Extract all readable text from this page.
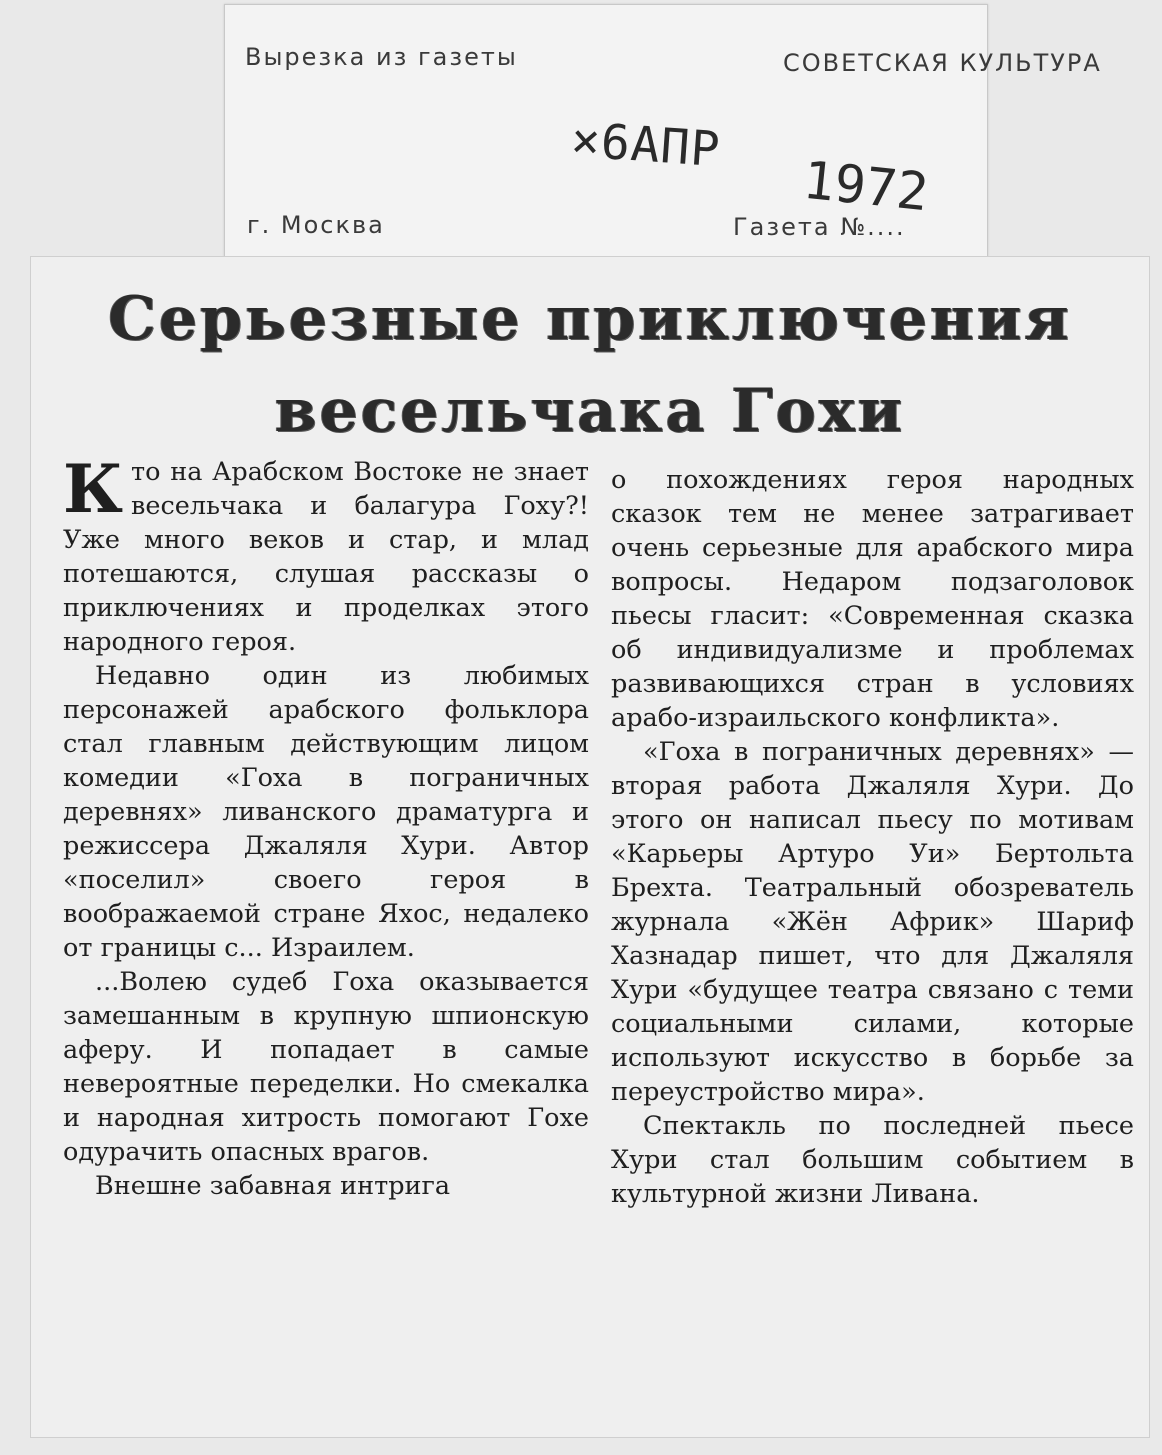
Вырезка из газеты	СОВЕТСКАЯ КУЛЬТУРА
г. Москва	Газета №....
×6АПР
1972
Серьезные приключения
весельчака Гохи

Кто на Арабском Востоке не знает весельчака и балагура Гоху?! Уже много веков и стар, и млад потешаются, слушая рассказы о приключениях и проделках этого народного героя.

Недавно один из любимых персонажей арабского фольклора стал главным действующим лицом комедии «Гоха в пограничных деревнях» ливанского драматурга и режиссера Джаляля Хури. Автор «поселил» своего героя в воображаемой стране Яхос, недалеко от границы с... Израилем.

...Волею судеб Гоха оказывается замешанным в крупную шпионскую аферу. И попадает в самые невероятные переделки. Но смекалка и народная хитрость помогают Гохе одурачить опасных врагов.

Внешне забавная интрига

о похождениях героя народных сказок тем не менее затрагивает очень серьезные для арабского мира вопросы. Недаром подзаголовок пьесы гласит: «Современная сказка об индивидуализме и проблемах развивающихся стран в условиях арабо-израильского конфликта».

«Гоха в пограничных деревнях» — вторая работа Джаляля Хури. До этого он написал пьесу по мотивам «Карьеры Артуро Уи» Бертольта Брехта. Театральный обозреватель журнала «Жён Африк» Шариф Хазнадар пишет, что для Джаляля Хури «будущее театра связано с теми социальными силами, которые используют искусство в борьбе за переустройство мира».

Спектакль по последней пьесе Хури стал большим событием в культурной жизни Ливана.
